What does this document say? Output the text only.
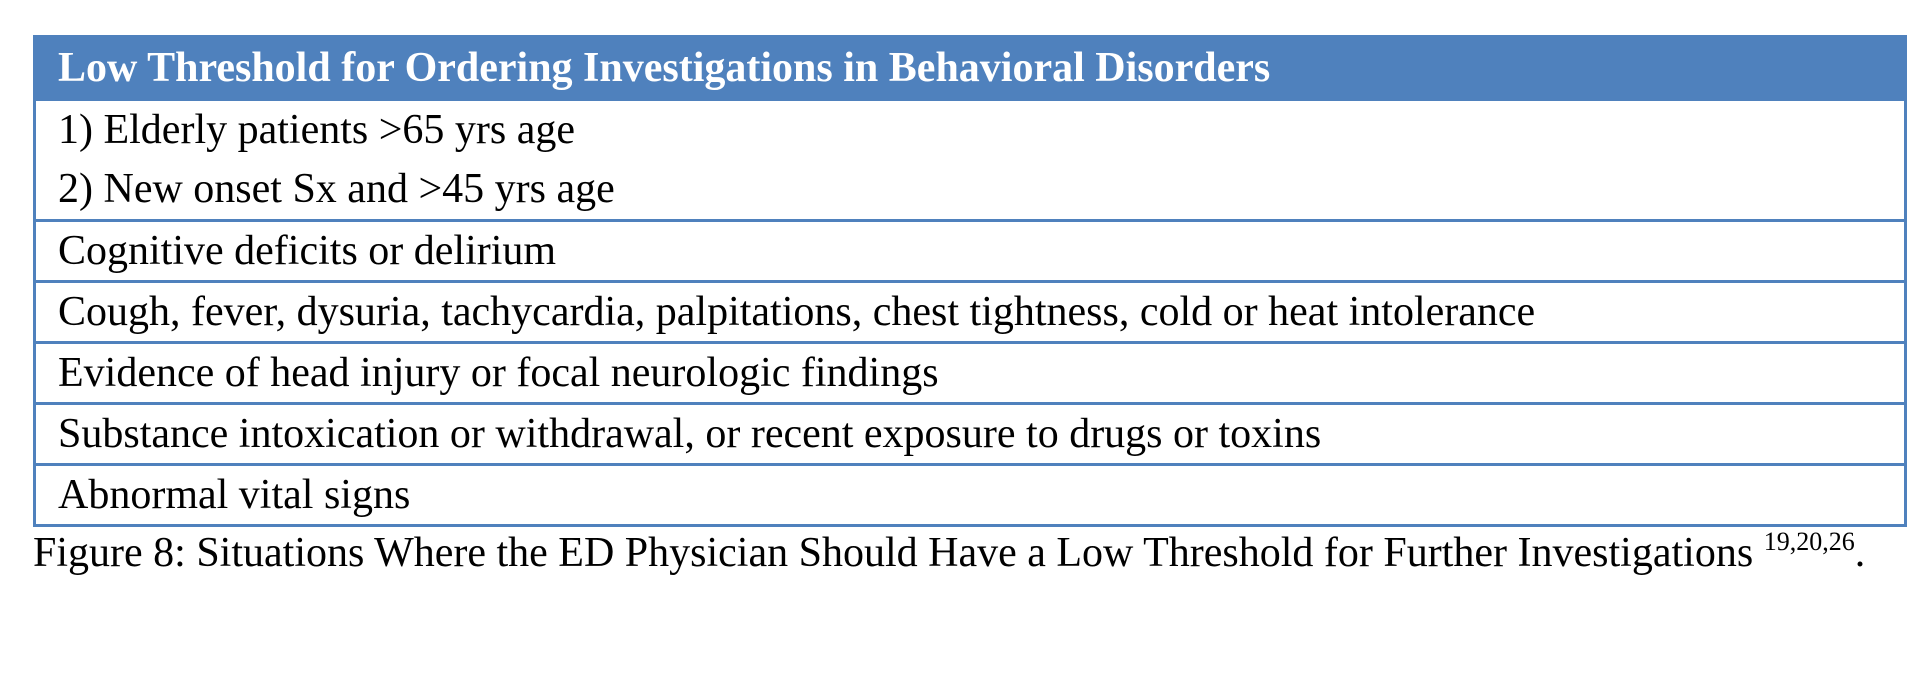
Low Threshold for Ordering Investigations in Behavioral Disorders
1) Elderly patients >65 yrs age
2) New onset Sx and >45 yrs age
Cognitive deficits or delirium
Cough, fever, dysuria, tachycardia, palpitations, chest tightness, cold or heat intolerance
Evidence of head injury or focal neurologic findings
Substance intoxication or withdrawal, or recent exposure to drugs or toxins
Abnormal vital signs
Figure 8: Situations Where the ED Physician Should Have a Low Threshold for Further Investigations $^{19,20,26}$.
